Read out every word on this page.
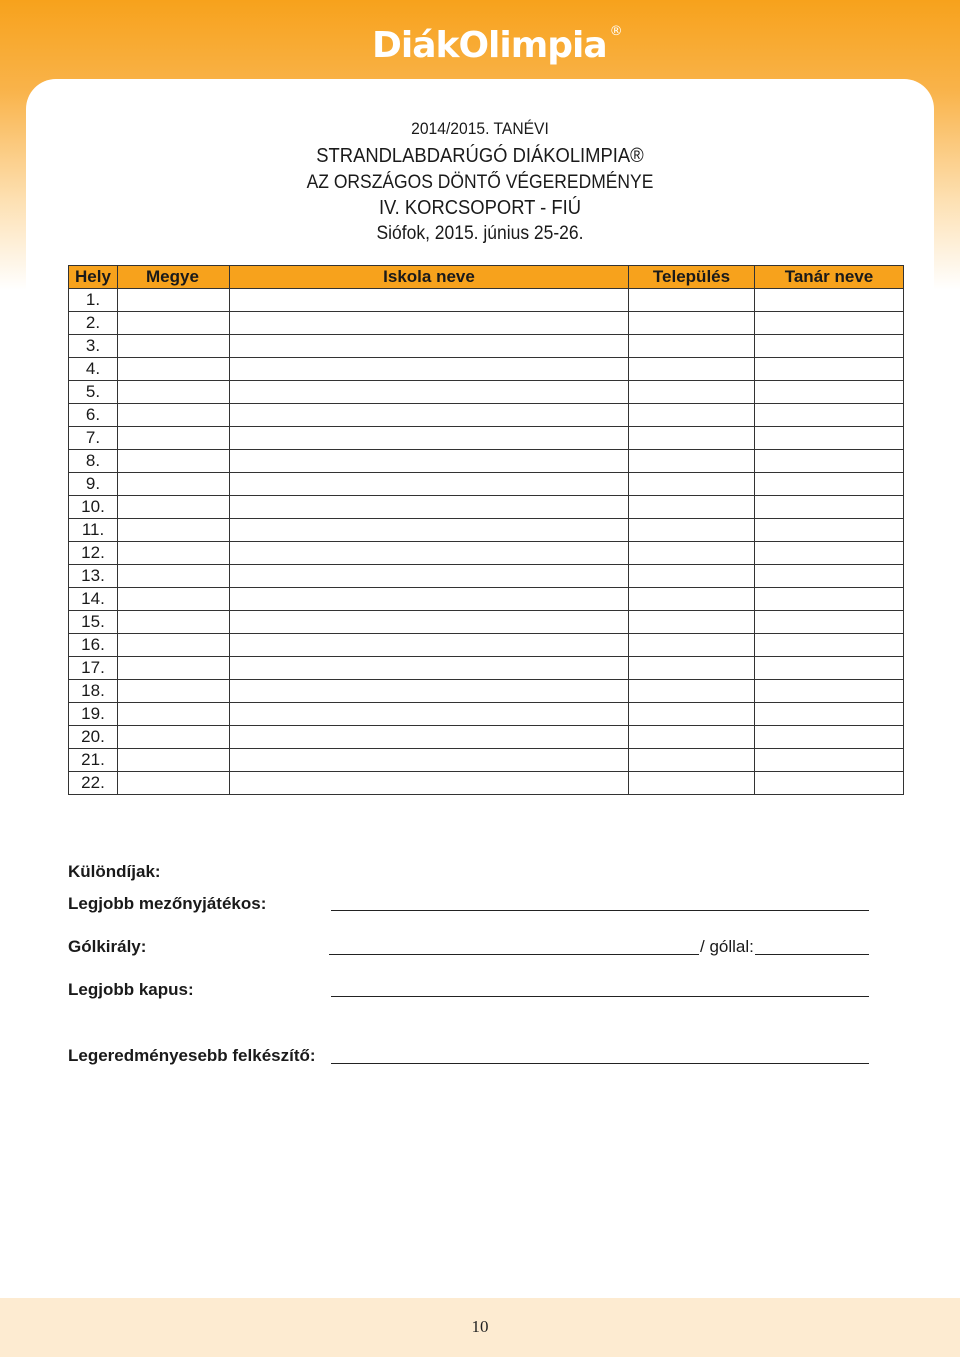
DiákOlimpia ®
2014/2015. TANÉVI
STRANDLABDARÚGÓ DIÁKOLIMPIA®
AZ ORSZÁGOS DÖNTŐ VÉGEREDMÉNYE
IV. KORCSOPORT - FIÚ
Siófok, 2015. június 25-26.
Hely	Megye	Iskola neve	Település	Tanár neve
1.				
2.				
3.				
4.				
5.				
6.				
7.				
8.				
9.				
10.				
11.				
12.				
13.				
14.				
15.				
16.				
17.				
18.				
19.				
20.				
21.				
22.				
Különdíjak:
Legjobb mezőnyjátékos:
Gólkirály:	/ góllal:
Legjobb kapus:
Legeredményesebb felkészítő:
10
